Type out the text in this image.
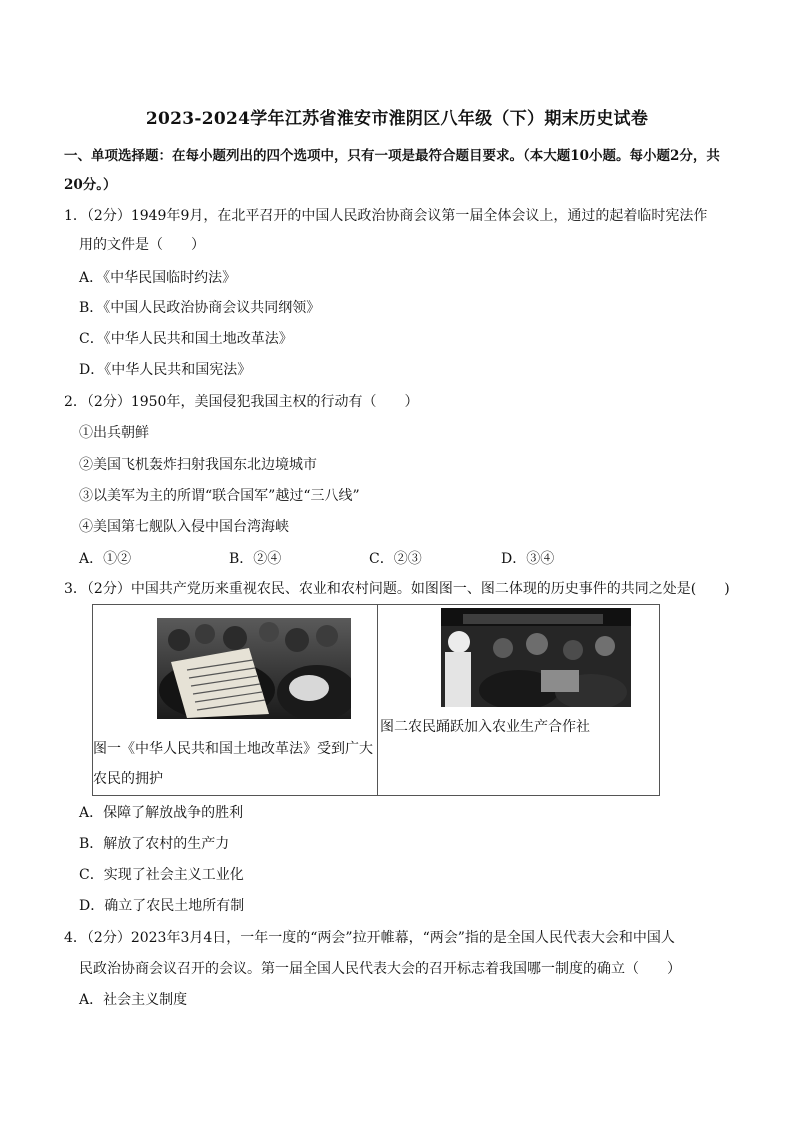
2023-2024学年江苏省淮安市淮阴区八年级（下）期末历史试卷
一、单项选择题：在每小题列出的四个选项中，只有一项是最符合题目要求。（本大题10小题。每小题2分，共20分。）
1．（2分）1949年9月，在北平召开的中国人民政治协商会议第一届全体会议上，通过的起着临时宪法作
用的文件是（　　）
A．《中华民国临时约法》
B．《中国人民政治协商会议共同纲领》
C．《中华人民共和国土地改革法》
D．《中华人民共和国宪法》
2．（2分）1950年，美国侵犯我国主权的行动有（　　）
①出兵朝鲜
②美国飞机轰炸扫射我国东北边境城市
③以美军为主的所谓“联合国军”越过“三八线”
④美国第七舰队入侵中国台湾海峡
A．①②	B．②④	C．②③	D．③④
3．（2分）中国共产党历来重视农民、农业和农村问题。如图图一、图二体现的历史事件的共同之处是(　　)
图一《中华人民共和国土地改革法》受到广大
农民的拥护

图二农民踊跃加入农业生产合作社
A．保障了解放战争的胜利
B．解放了农村的生产力
C．实现了社会主义工业化
D．确立了农民土地所有制
4．（2分）2023年3月4日，一年一度的“两会”拉开帷幕，“两会”指的是全国人民代表大会和中国人
民政治协商会议召开的会议。第一届全国人民代表大会的召开标志着我国哪一制度的确立（　　）
A．社会主义制度
